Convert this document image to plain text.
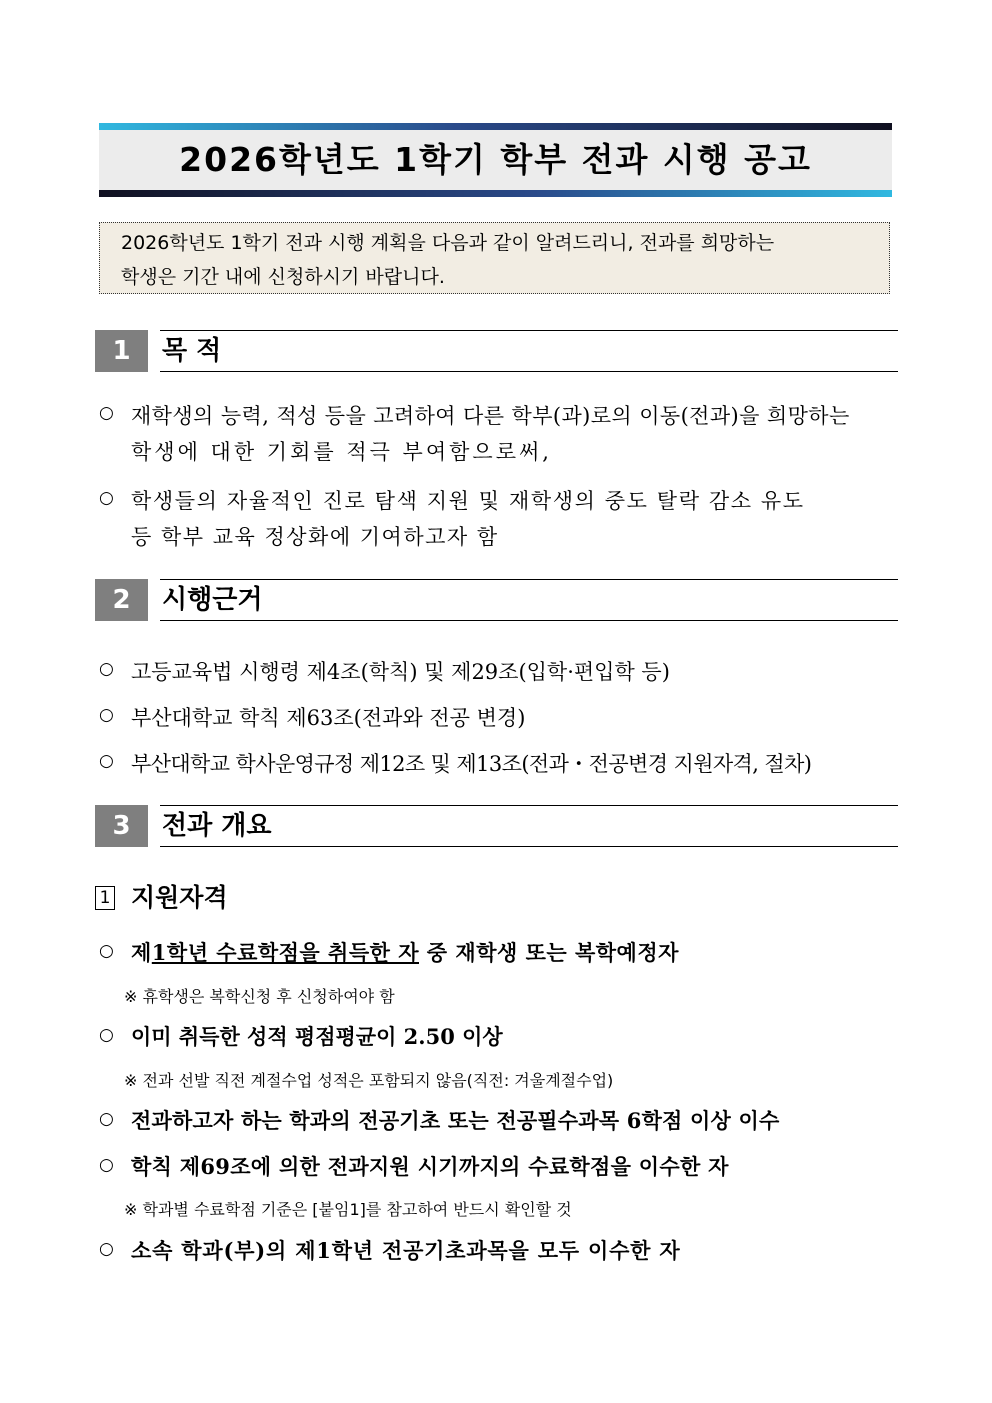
2026학년도 1학기 학부 전과 시행 공고
2026학년도 1학기 전과 시행 계획을 다음과 같이 알려드리니, 전과를 희망하는
학생은 기간 내에 신청하시기 바랍니다.
1	목 적
○ 재학생의 능력, 적성 등을 고려하여 다른 학부(과)로의 이동(전과)을 희망하는
학생에 대한 기회를 적극 부여함으로써,
○ 학생들의 자율적인 진로 탐색 지원 및 재학생의 중도 탈락 감소 유도
등 학부 교육 정상화에 기여하고자 함
2	시행근거
○ 고등교육법 시행령 제4조(학칙) 및 제29조(입학·편입학 등)
○ 부산대학교 학칙 제63조(전과와 전공 변경)
○ 부산대학교 학사운영규정 제12조 및 제13조(전과・전공변경 지원자격, 절차)
3	전과 개요
1 지원자격
○ 제1학년 수료학점을 취득한 자 중 재학생 또는 복학예정자
※ 휴학생은 복학신청 후 신청하여야 함
○ 이미 취득한 성적 평점평균이 2.50 이상
※ 전과 선발 직전 계절수업 성적은 포함되지 않음(직전: 겨울계절수업)
○ 전과하고자 하는 학과의 전공기초 또는 전공필수과목 6학점 이상 이수
○ 학칙 제69조에 의한 전과지원 시기까지의 수료학점을 이수한 자
※ 학과별 수료학점 기준은 [붙임1]를 참고하여 반드시 확인할 것
○ 소속 학과(부)의 제1학년 전공기초과목을 모두 이수한 자
